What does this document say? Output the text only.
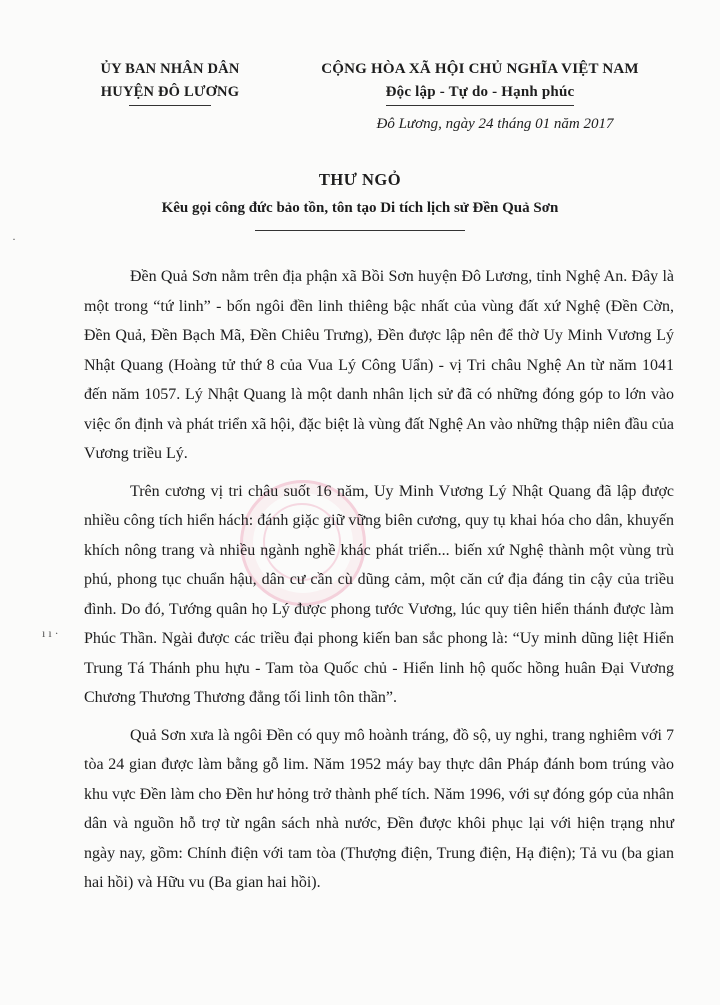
ỦY BAN NHÂN DÂN
HUYỆN ĐÔ LƯƠNG
CỘNG HÒA XÃ HỘI CHỦ NGHĨA VIỆT NAM
Độc lập - Tự do - Hạnh phúc
Đô Lương, ngày 24 tháng 01 năm 2017
THƯ NGỎ
Kêu gọi công đức bảo tồn, tôn tạo Di tích lịch sử Đền Quả Sơn
ı ı ·
·

Đền Quả Sơn nằm trên địa phận xã Bồi Sơn huyện Đô Lương, tỉnh Nghệ An. Đây là một trong “tứ linh” - bốn ngôi đền linh thiêng bậc nhất của vùng đất xứ Nghệ (Đền Cờn, Đền Quả, Đền Bạch Mã, Đền Chiêu Trưng), Đền được lập nên để thờ Uy Minh Vương Lý Nhật Quang (Hoàng tử thứ 8 của Vua Lý Công Uẩn) - vị Tri châu Nghệ An từ năm 1041 đến năm 1057. Lý Nhật Quang là một danh nhân lịch sử đã có những đóng góp to lớn vào việc ổn định và phát triển xã hội, đặc biệt là vùng đất Nghệ An vào những thập niên đầu của Vương triều Lý.

Trên cương vị tri châu suốt 16 năm, Uy Minh Vương Lý Nhật Quang đã lập được nhiều công tích hiển hách: đánh giặc giữ vững biên cương, quy tụ khai hóa cho dân, khuyến khích nông trang và nhiều ngành nghề khác phát triển... biến xứ Nghệ thành một vùng trù phú, phong tục chuẩn hậu, dân cư cần cù dũng cảm, một căn cứ địa đáng tin cậy của triều đình. Do đó, Tướng quân họ Lý được phong tước Vương, lúc quy tiên hiển thánh được làm Phúc Thần. Ngài được các triều đại phong kiến ban sắc phong là: “Uy minh dũng liệt Hiển Trung Tá Thánh phu hựu - Tam tòa Quốc chủ - Hiển linh hộ quốc hồng huân Đại Vương Chương Thương Thương đẳng tối linh tôn thần”.

Quả Sơn xưa là ngôi Đền có quy mô hoành tráng, đồ sộ, uy nghi, trang nghiêm với 7 tòa 24 gian được làm bằng gỗ lim. Năm 1952 máy bay thực dân Pháp đánh bom trúng vào khu vực Đền làm cho Đền hư hỏng trở thành phế tích. Năm 1996, với sự đóng góp của nhân dân và nguồn hỗ trợ từ ngân sách nhà nước, Đền được khôi phục lại với hiện trạng như ngày nay, gồm: Chính điện với tam tòa (Thượng điện, Trung điện, Hạ điện); Tả vu (ba gian hai hồi) và Hữu vu (Ba gian hai hồi).
